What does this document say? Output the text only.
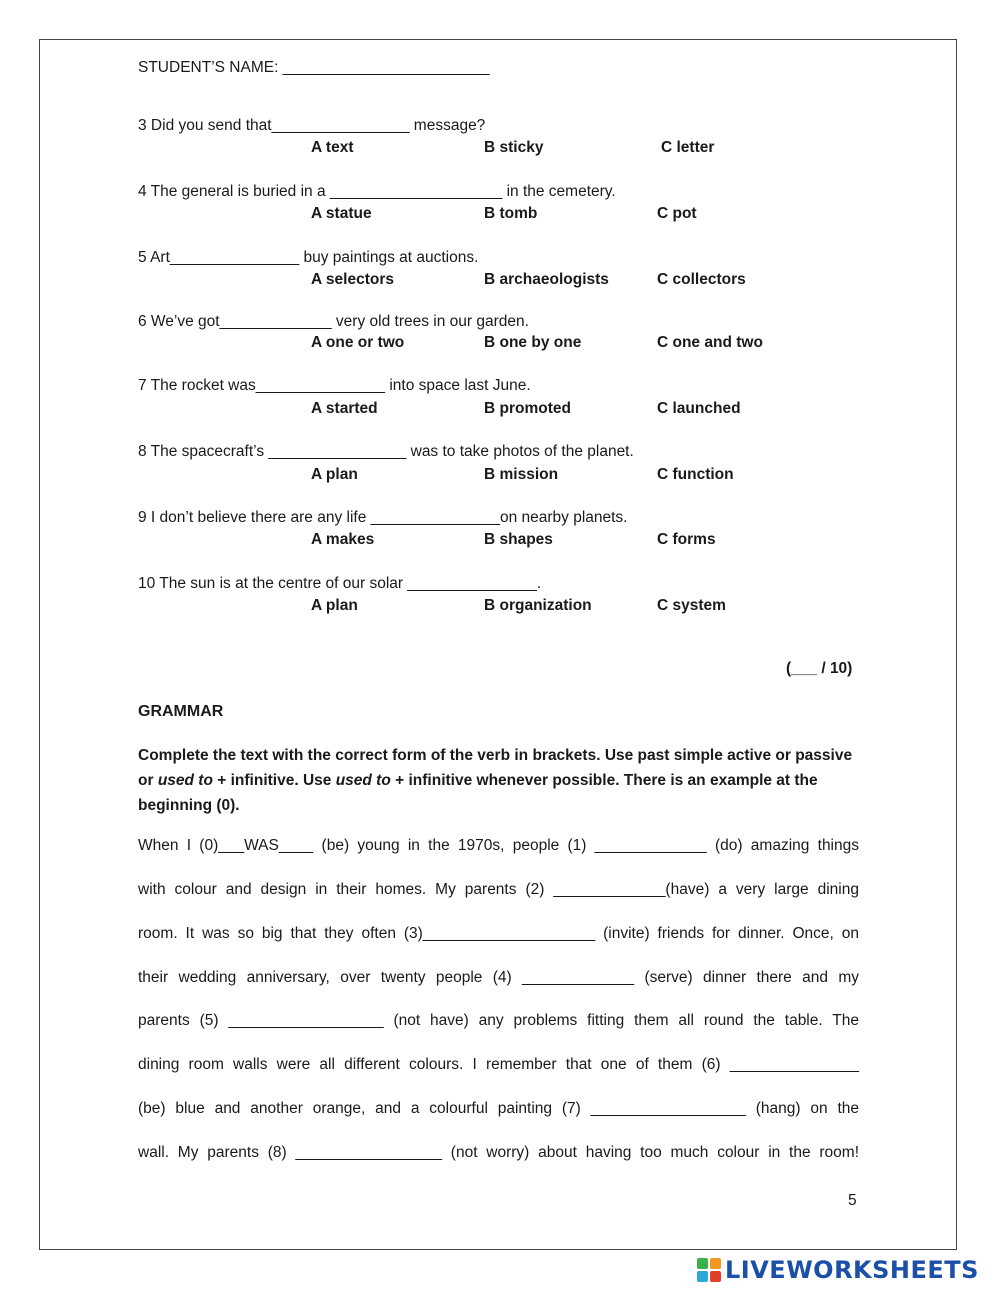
STUDENT’S NAME: ________________________
3 Did you send that________________ message?
A text	B sticky	C letter
4 The general is buried in a ____________________ in the cemetery.
A statue	B tomb	C pot
5 Art_______________ buy paintings at auctions.
A selectors	B archaeologists	C collectors
6 We’ve got_____________ very old trees in our garden.
A one or two	B one by one	C one and two
7 The rocket was_______________ into space last June.
A started	B promoted	C launched
8 The spacecraft’s ________________ was to take photos of the planet.
A plan	B mission	C function
9 I don’t believe there are any life _______________on nearby planets.
A makes	B shapes	C forms
10 The sun is at the centre of our solar _______________.
A plan	B organization	C system
(___ / 10)
GRAMMAR
Complete the text with the correct form of the verb in brackets. Use past simple active or passive or used to + infinitive. Use used to + infinitive whenever possible. There is an example at the beginning (0).
When I (0)___WAS____ (be) young in the 1970s, people (1) _____________ (do) amazing things
with colour and design in their homes. My parents (2) _____________(have) a very large dining
room. It was so big that they often (3)____________________ (invite) friends for dinner. Once, on
their wedding anniversary, over twenty people (4) _____________ (serve) dinner there and my
parents (5) __________________ (not have) any problems fitting them all round the table. The
dining room walls were all different colours. I remember that one of them (6) _______________
(be) blue and another orange, and a colourful painting (7) __________________ (hang) on the
wall. My parents (8) _________________ (not worry) about having too much colour in the room!
5
LIVEWORKSHEETS
